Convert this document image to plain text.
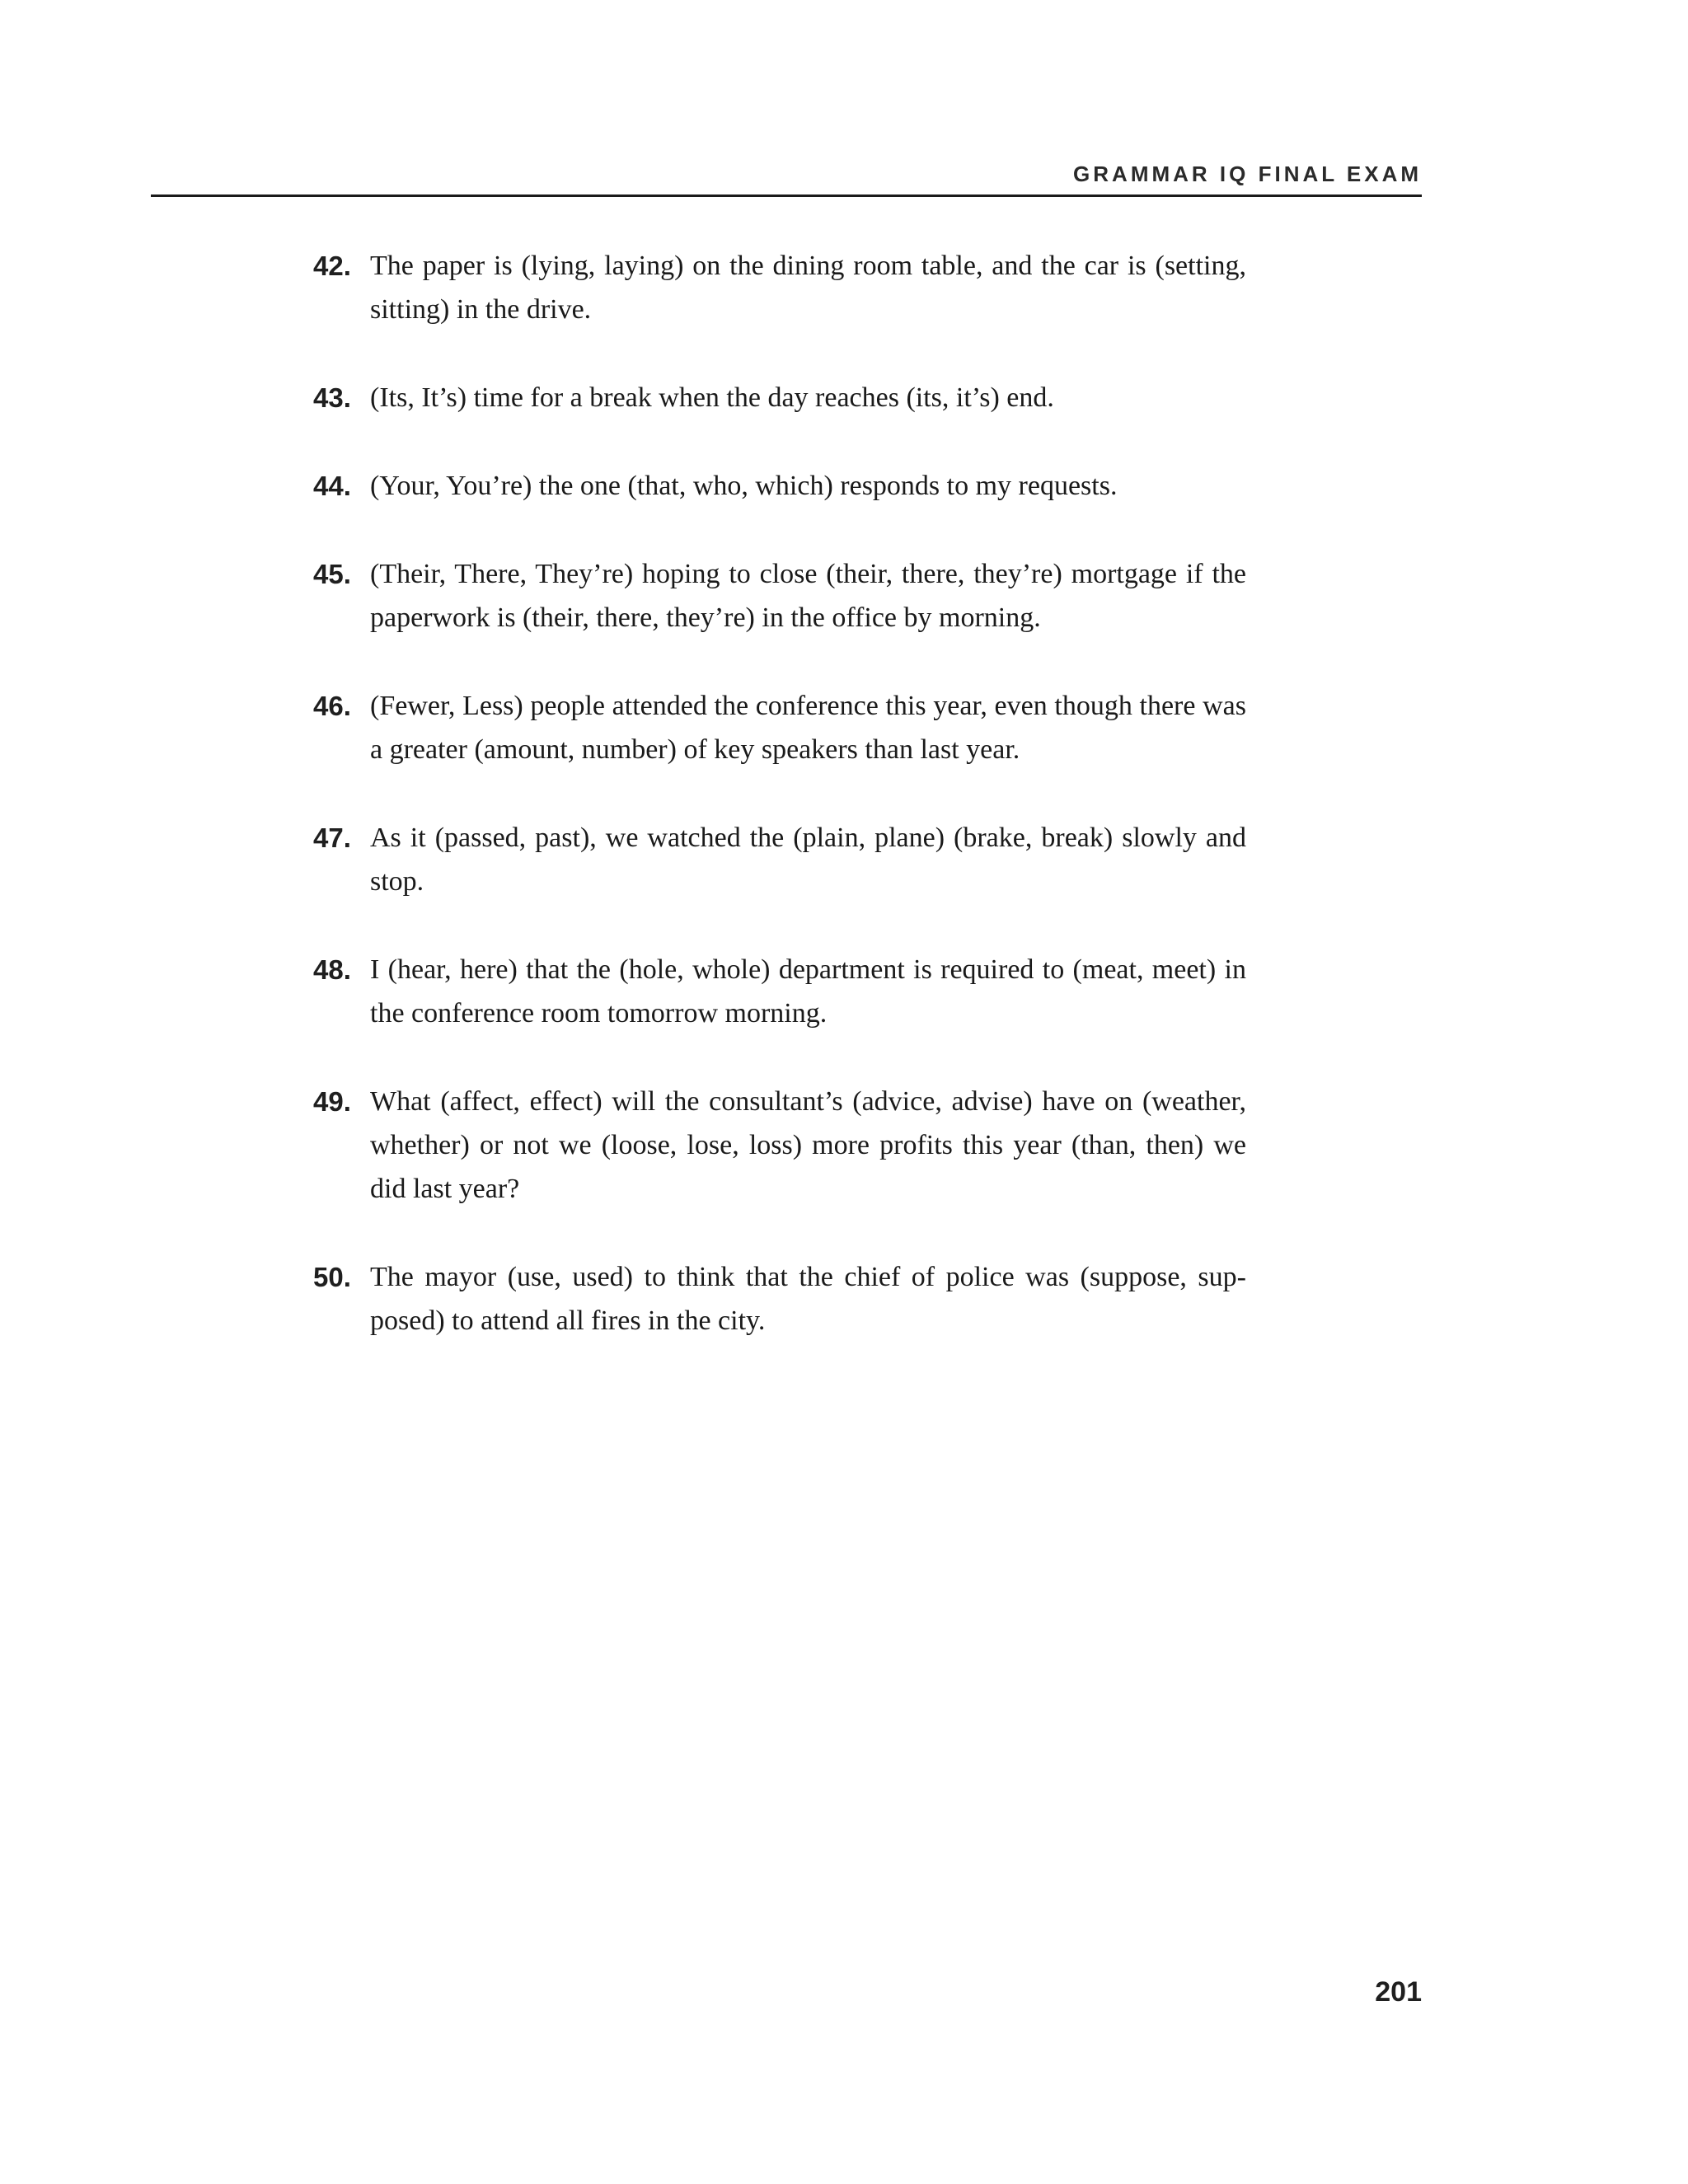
GRAMMAR IQ FINAL EXAM
42. The paper is (lying, laying) on the dining room table, and the car is (setting, sitting) in the drive.
43. (Its, It’s) time for a break when the day reaches (its, it’s) end.
44. (Your, You’re) the one (that, who, which) responds to my requests.
45. (Their, There, They’re) hoping to close (their, there, they’re) mortgage if the paperwork is (their, there, they’re) in the office by morning.
46. (Fewer, Less) people attended the conference this year, even though there was a greater (amount, number) of key speakers than last year.
47. As it (passed, past), we watched the (plain, plane) (brake, break) slowly and stop.
48. I (hear, here) that the (hole, whole) department is required to (meat, meet) in the conference room tomorrow morning.
49. What (affect, effect) will the consultant’s (advice, advise) have on (weather, whether) or not we (loose, lose, loss) more profits this year (than, then) we did last year?
50. The mayor (use, used) to think that the chief of police was (suppose, supposed) to attend all fires in the city.
201
